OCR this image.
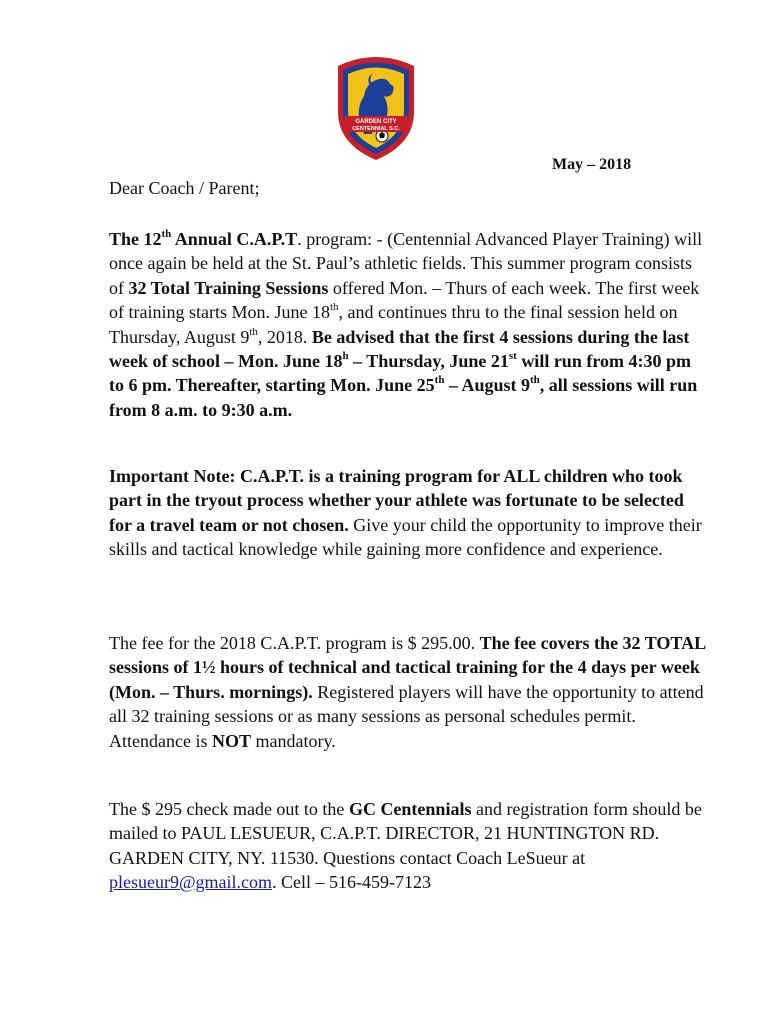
GARDEN CITY
CENTENNIAL S.C.
May – 2018
Dear Coach / Parent;

The 12th Annual C.A.P.T. program: - (Centennial Advanced Player Training) will once again be held at the St. Paul’s athletic fields. This summer program consists of 32 Total Training Sessions offered Mon. – Thurs of each week. The first week of training starts Mon. June 18th, and continues thru to the final session held on Thursday, August 9th, 2018. Be advised that the first 4 sessions during the last week of school – Mon. June 18$^h$ – Thursday, June 21st will run from 4:30 pm to 6 pm. Thereafter, starting Mon. June 25th – August 9th, all sessions will run from 8 a.m. to 9:30 a.m.

Important Note: C.A.P.T. is a training program for ALL children who took part in the tryout process whether your athlete was fortunate to be selected for a travel team or not chosen. Give your child the opportunity to improve their skills and tactical knowledge while gaining more confidence and experience.

The fee for the 2018 C.A.P.T. program is $ 295.00. The fee covers the 32 TOTAL sessions of 1½ hours of technical and tactical training for the 4 days per week (Mon. – Thurs. mornings). Registered players will have the opportunity to attend all 32 training sessions or as many sessions as personal schedules permit. Attendance is NOT mandatory.

The $ 295 check made out to the GC Centennials and registration form should be mailed to PAUL LESUEUR, C.A.P.T. DIRECTOR, 21 HUNTINGTON RD. GARDEN CITY, NY. 11530. Questions contact Coach LeSueur at plesueur9@gmail.com. Cell – 516-459-7123
